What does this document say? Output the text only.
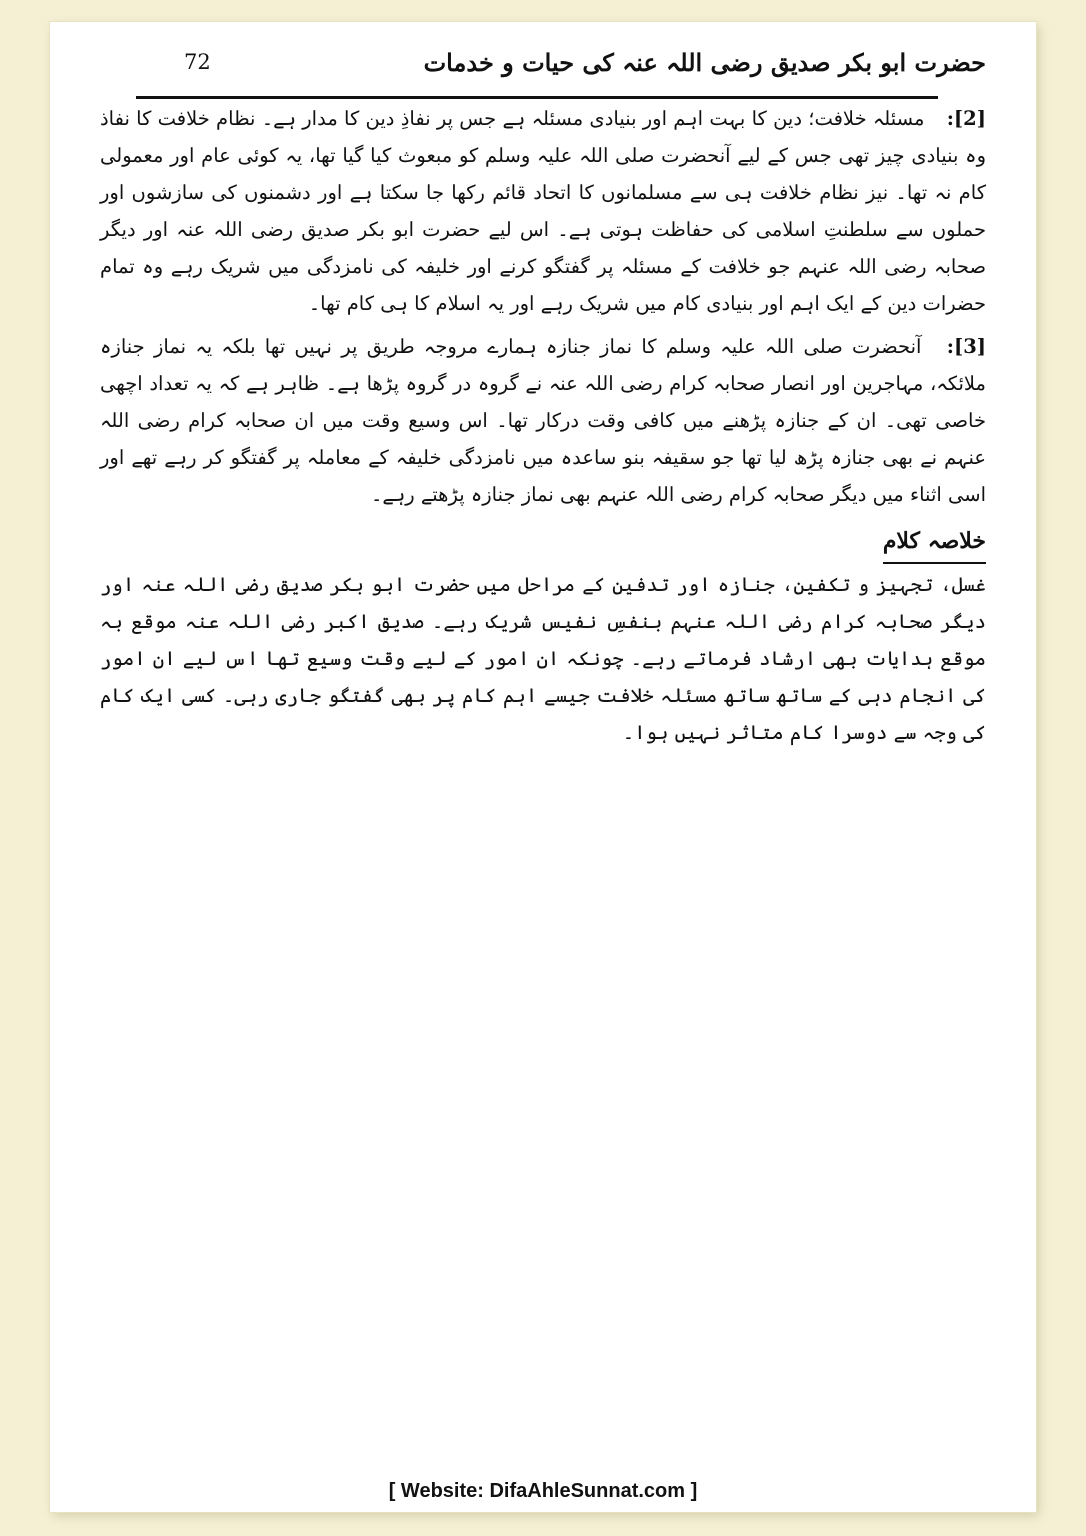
72	حضرت ابو بکر صدیق رضی اللہ عنہ کی حیات و خدمات

[2]: مسئلہ خلافت؛ دین کا بہت اہم اور بنیادی مسئلہ ہے جس پر نفاذِ دین کا مدار ہے۔ نظام خلافت کا نفاذ وہ بنیادی چیز تھی جس کے لیے آنحضرت صلی اللہ علیہ وسلم کو مبعوث کیا گیا تھا، یہ کوئی عام اور معمولی کام نہ تھا۔ نیز نظام خلافت ہی سے مسلمانوں کا اتحاد قائم رکھا جا سکتا ہے اور دشمنوں کی سازشوں اور حملوں سے سلطنتِ اسلامی کی حفاظت ہوتی ہے۔ اس لیے حضرت ابو بکر صدیق رضی اللہ عنہ اور دیگر صحابہ رضی اللہ عنہم جو خلافت کے مسئلہ پر گفتگو کرنے اور خلیفہ کی نامزدگی میں شریک رہے وہ تمام حضرات دین کے ایک اہم اور بنیادی کام میں شریک رہے اور یہ اسلام کا ہی کام تھا۔

[3]: آنحضرت صلی اللہ علیہ وسلم کا نماز جنازہ ہمارے مروجہ طریق پر نہیں تھا بلکہ یہ نماز جنازہ ملائکہ، مہاجرین اور انصار صحابہ کرام رضی اللہ عنہ نے گروہ در گروہ پڑھا ہے۔ ظاہر ہے کہ یہ تعداد اچھی خاصی تھی۔ ان کے جنازہ پڑھنے میں کافی وقت درکار تھا۔ اس وسیع وقت میں ان صحابہ کرام رضی اللہ عنہم نے بھی جنازہ پڑھ لیا تھا جو سقیفہ بنو ساعدہ میں نامزدگی خلیفہ کے معاملہ پر گفتگو کر رہے تھے اور اسی اثناء میں دیگر صحابہ کرام رضی اللہ عنہم بھی نماز جنازہ پڑھتے رہے۔

خلاصہ کلام

غسل، تجہیز و تکفین، جنازہ اور تدفین کے مراحل میں حضرت ابو بکر صدیق رضی اللہ عنہ اور دیگر صحابہ کرام رضی اللہ عنہم بنفسِ نفیس شریک رہے۔ صدیق اکبر رضی اللہ عنہ موقع بہ موقع ہدایات بھی ارشاد فرماتے رہے۔ چونکہ ان امور کے لیے وقت وسیع تھا اس لیے ان امور کی انجام دہی کے ساتھ ساتھ مسئلہ خلافت جیسے اہم کام پر بھی گفتگو جاری رہی۔ کسی ایک کام کی وجہ سے دوسرا کام متاثر نہیں ہوا۔

[ Website: DifaAhleSunnat.com ]
